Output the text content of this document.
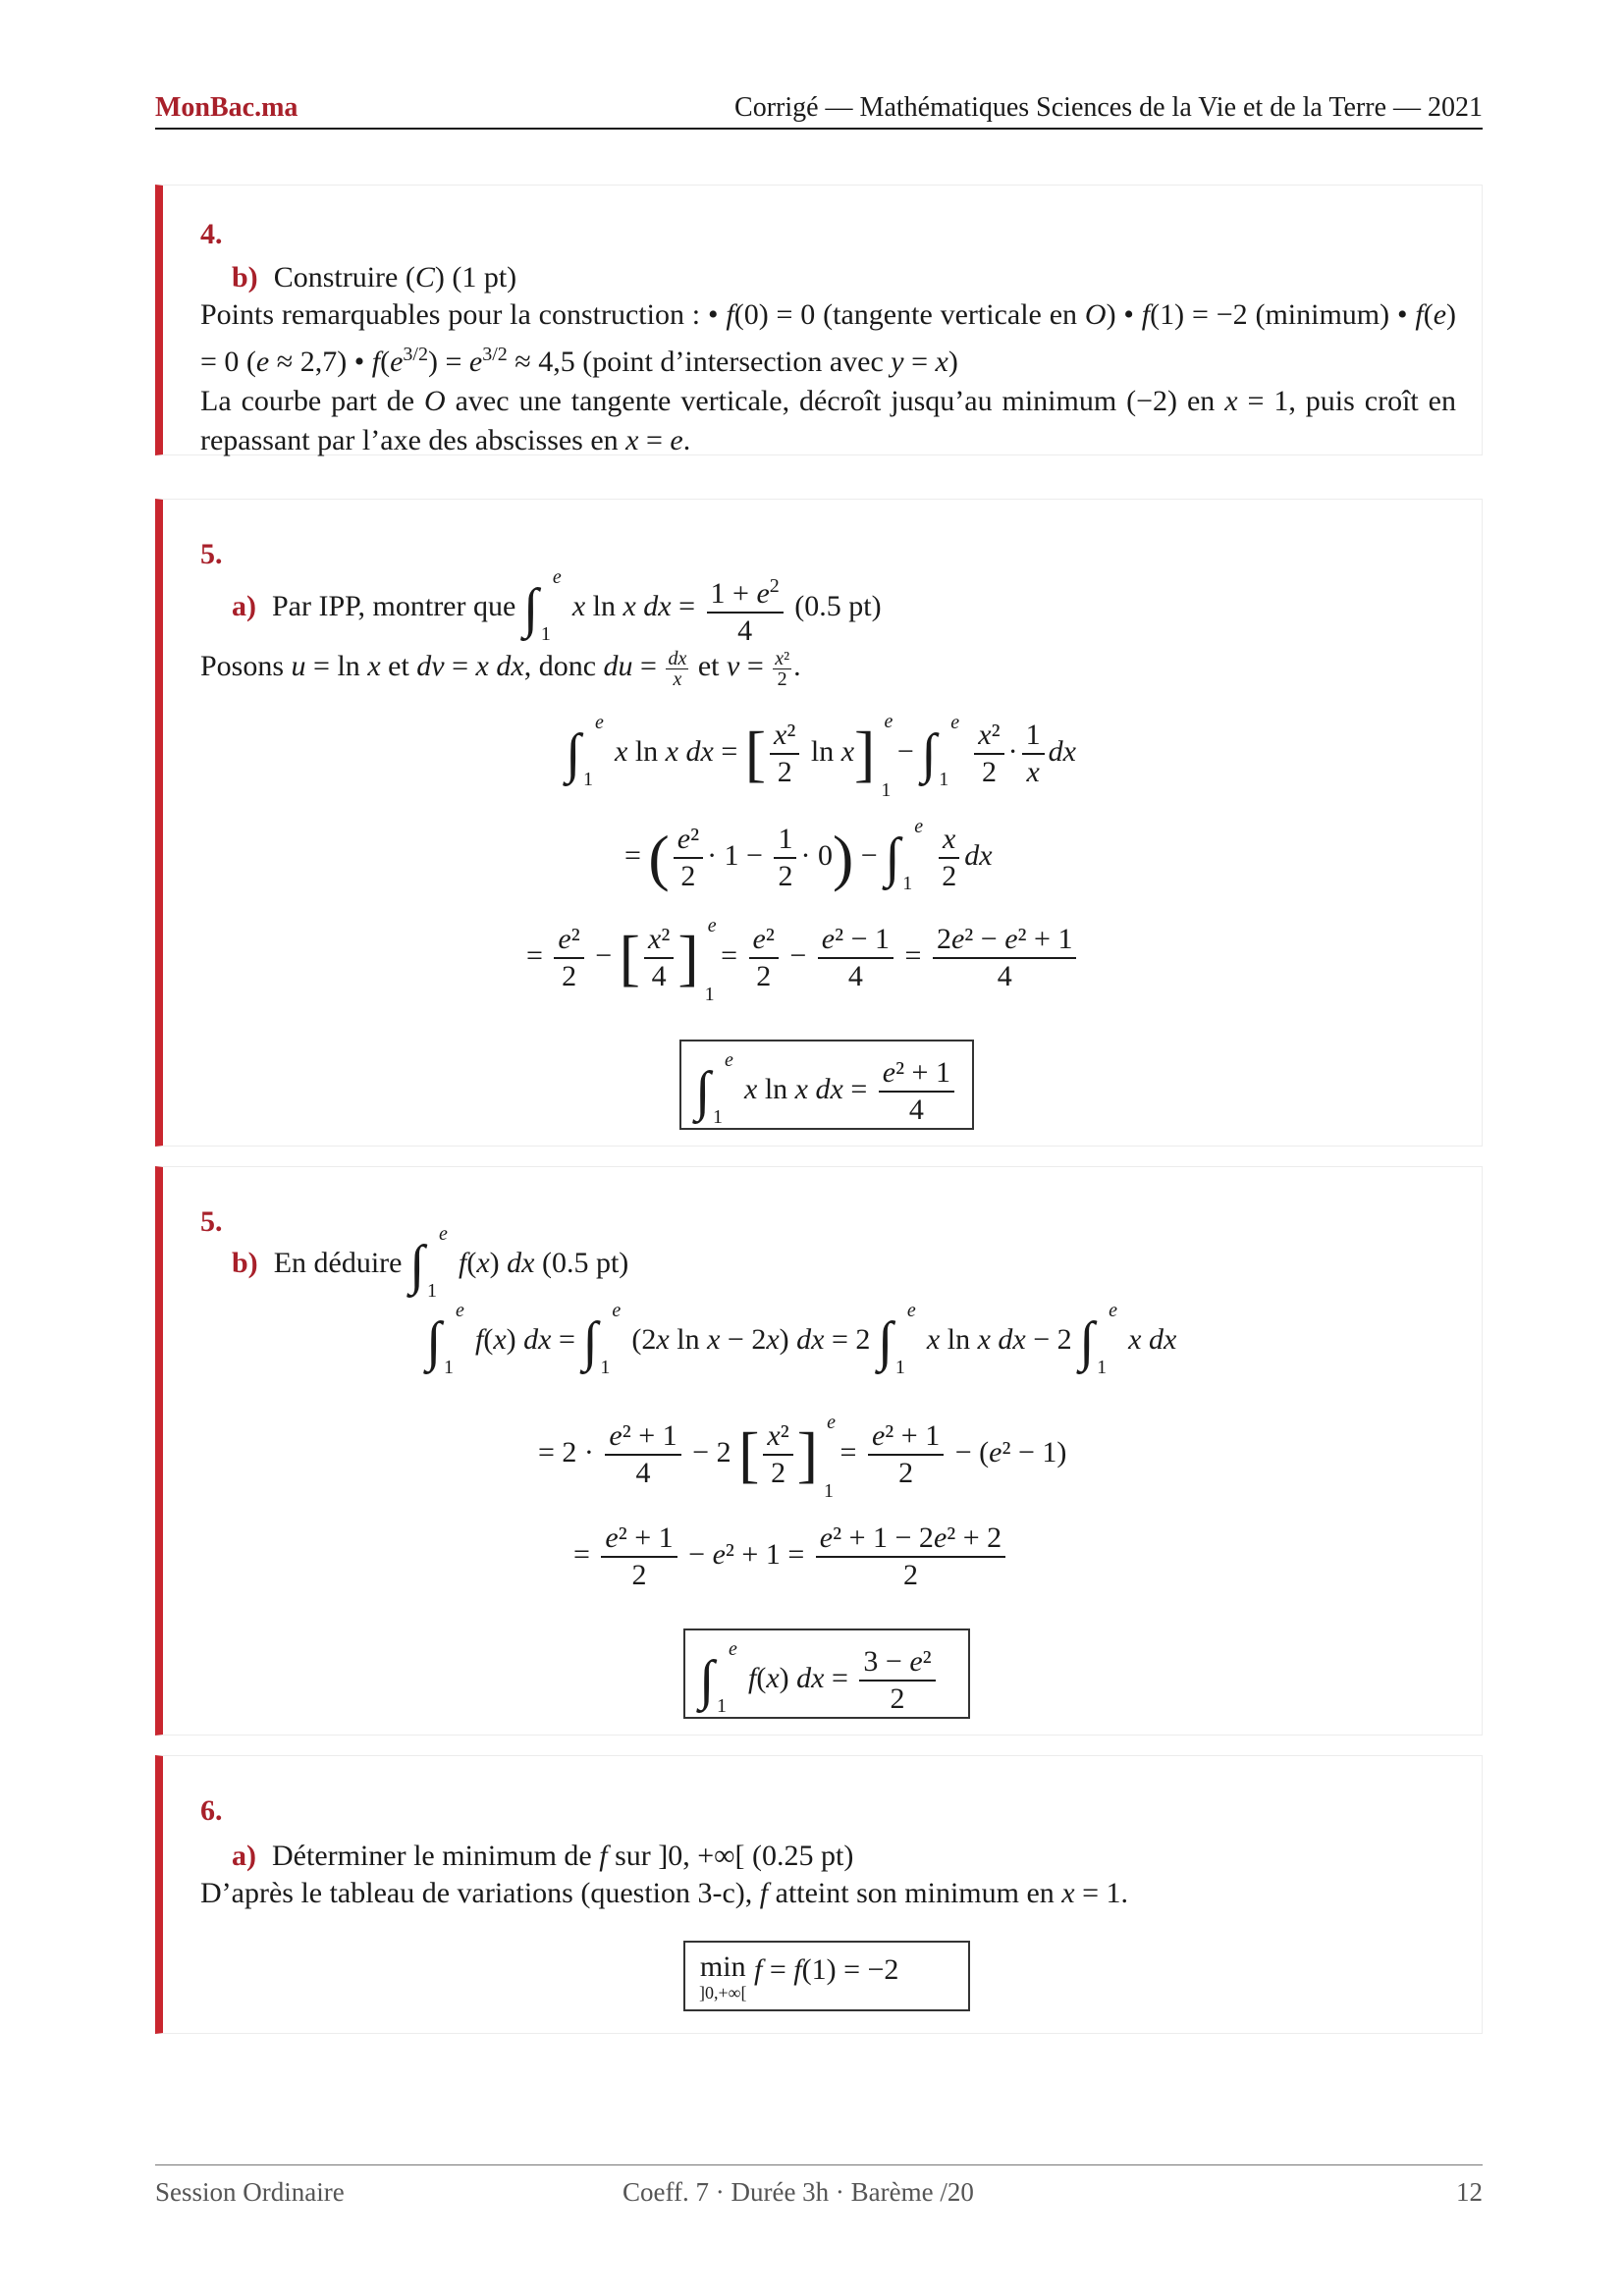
MonBac.ma	Corrigé — Mathématiques Sciences de la Vie et de la Terre — 2021
4.
b) Construire (C) (1 pt)
Points remarquables pour la construction : • f(0) = 0 (tangente verticale en O) • f(1) = −2 (minimum) • f(e) = 0 (e ≈ 2,7) • $f(e^{3/2}) = e^{3/2} \approx 4,5$ (point d’intersection avec y = x)
La courbe part de O avec une tangente verticale, décroît jusqu’au minimum (−2) en x = 1, puis croît en repassant par l’axe des abscisses en x = e.
5.
a) Par IPP, montrer que ∫
e
1
x ln x dx = $\frac{1 + e^2}{4} (0.5$ pt)
Posons u = ln x et dv = x dx, donc du = $\frac{dx}{x}$ et $v = \frac{\text{x²}}{2}$ .
∫
e
1
x ln x dx = [ $\frac{\text{x²}}{2}$ ln x] e
1
− ∫
e
$1 \frac{\text{x²}}{2} \cdot \frac{1}{x}$ dx
= ( $\frac{\text{e²}}{2} \cdot 1 - \frac{1}{2} \cdot 0$) − ∫
e
$1 \frac{x}{2}$ dx
= $\frac{\text{e²}}{2}$ − [ $\frac{\text{x²}}{4}$ ] e
1
= $\frac{\text{e²}}{2} - \frac{\text{e² − 1}}{4} = \frac{\text{2e² − e² + 1}}{4}$
∫
e
1
x ln x dx = $\frac{\text{e² + 1}}{4}$
5.
b) En déduire ∫
e
1
f(x) dx (0.5 pt)
∫
e
1
f(x) dx = ∫
e
1
(2x ln x − 2x) dx = 2 ∫
e
1
x ln x dx − 2 ∫
e
1
x dx
= $2 \cdot \frac{\text{e² + 1}}{4} - 2$ [ $\frac{\text{x²}}{2}$ ] e
1
= $\frac{\text{e² + 1}}{2} - (e^2 - 1)$
= $\frac{\text{e² + 1}}{2} - e^2 + 1 = \frac{\text{e² + 1 − 2e² + 2}}{2}$
∫
e
1
f(x) dx = $\frac{\text{3 − e²}}{2}$
6.
a) Déterminer le minimum de f sur ]0, +∞[ (0.25 pt)
D’après le tableau de variations (question 3-c), f atteint son minimum en x = 1.
min
]0,+∞[
f = f(1) = −2
Session Ordinaire	Coeff. 7 · Durée 3h · Barème /20	12
